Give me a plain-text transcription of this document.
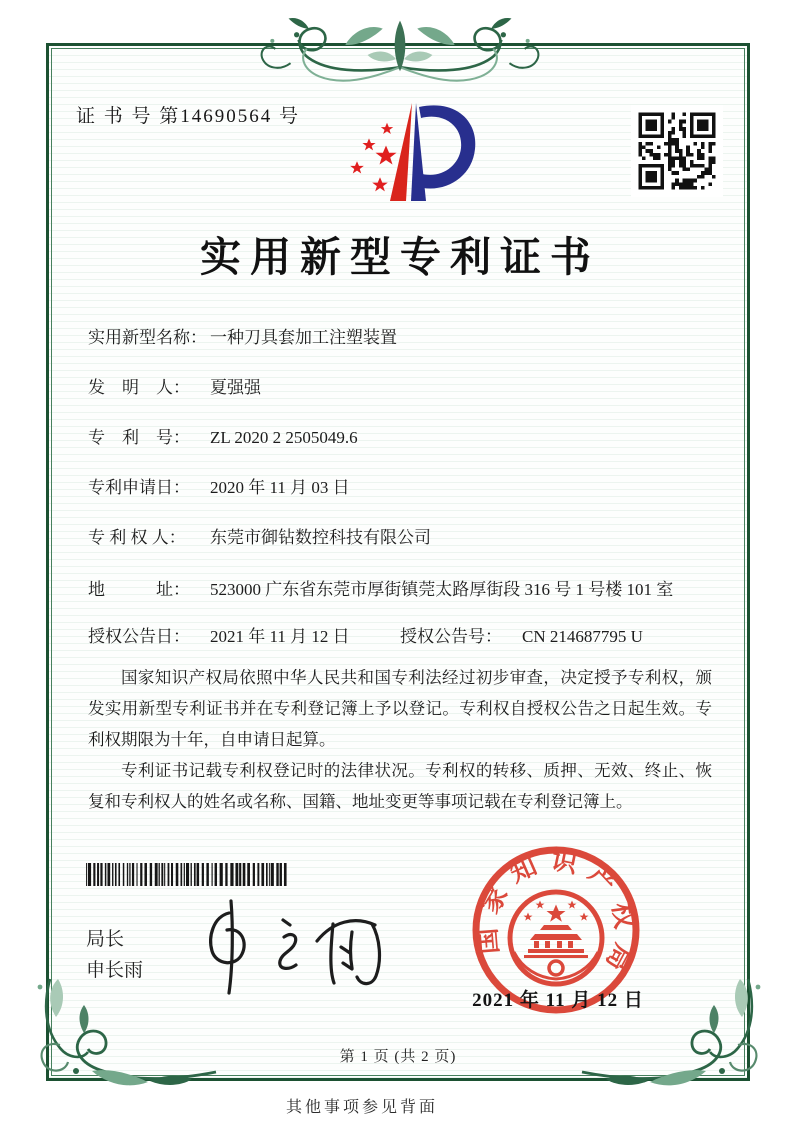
证 书 号 第14690564 号
实用新型专利证书
实用新型名称： 一种刀具套加工注塑装置
发　明　人：	夏强强
专　利　号：	ZL 2020 2 2505049.6
专利申请日：	2020 年 11 月 03 日
专 利 权 人：	东莞市御钻数控科技有限公司
地　　　址：	523000 广东省东莞市厚街镇莞太路厚街段 316 号 1 号楼 101 室
授权公告日：	2021 年 11 月 12 日	授权公告号：	CN 214687795 U

国家知识产权局依照中华人民共和国专利法经过初步审查，决定授予专利权，颁发实用新型专利证书并在专利登记簿上予以登记。专利权自授权公告之日起生效。专利权期限为十年，自申请日起算。

专利证书记载专利权登记时的法律状况。专利权的转移、质押、无效、终止、恢复和专利权人的姓名或名称、国籍、地址变更等事项记载在专利登记簿上。

局长
申长雨
国家知识产权局
2021 年 11 月 12 日
第 1 页 (共 2 页)
其他事项参见背面
